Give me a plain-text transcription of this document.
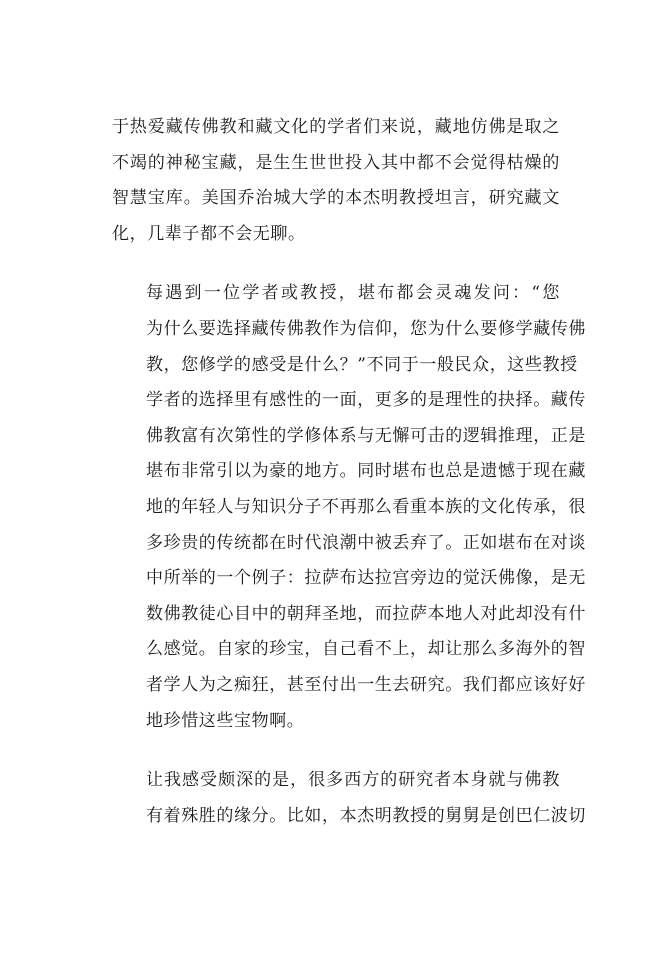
于热爱藏传佛教和藏文化的学者们来说，藏地仿佛是取之
不竭的神秘宝藏，是生生世世投入其中都不会觉得枯燥的
智慧宝库。美国乔治城大学的本杰明教授坦言，研究藏文
化，几辈子都不会无聊。

每遇到一位学者或教授，堪布都会灵魂发问：“您
为什么要选择藏传佛教作为信仰，您为什么要修学藏传佛
教，您修学的感受是什么？”不同于一般民众，这些教授
学者的选择里有感性的一面，更多的是理性的抉择。藏传
佛教富有次第性的学修体系与无懈可击的逻辑推理，正是
堪布非常引以为豪的地方。同时堪布也总是遗憾于现在藏
地的年轻人与知识分子不再那么看重本族的文化传承，很
多珍贵的传统都在时代浪潮中被丢弃了。正如堪布在对谈
中所举的一个例子：拉萨布达拉宫旁边的觉沃佛像，是无
数佛教徒心目中的朝拜圣地，而拉萨本地人对此却没有什
么感觉。自家的珍宝，自己看不上，却让那么多海外的智
者学人为之痴狂，甚至付出一生去研究。我们都应该好好
地珍惜这些宝物啊。

让我感受颇深的是，很多西方的研究者本身就与佛教
有着殊胜的缘分。比如，本杰明教授的舅舅是创巴仁波切
